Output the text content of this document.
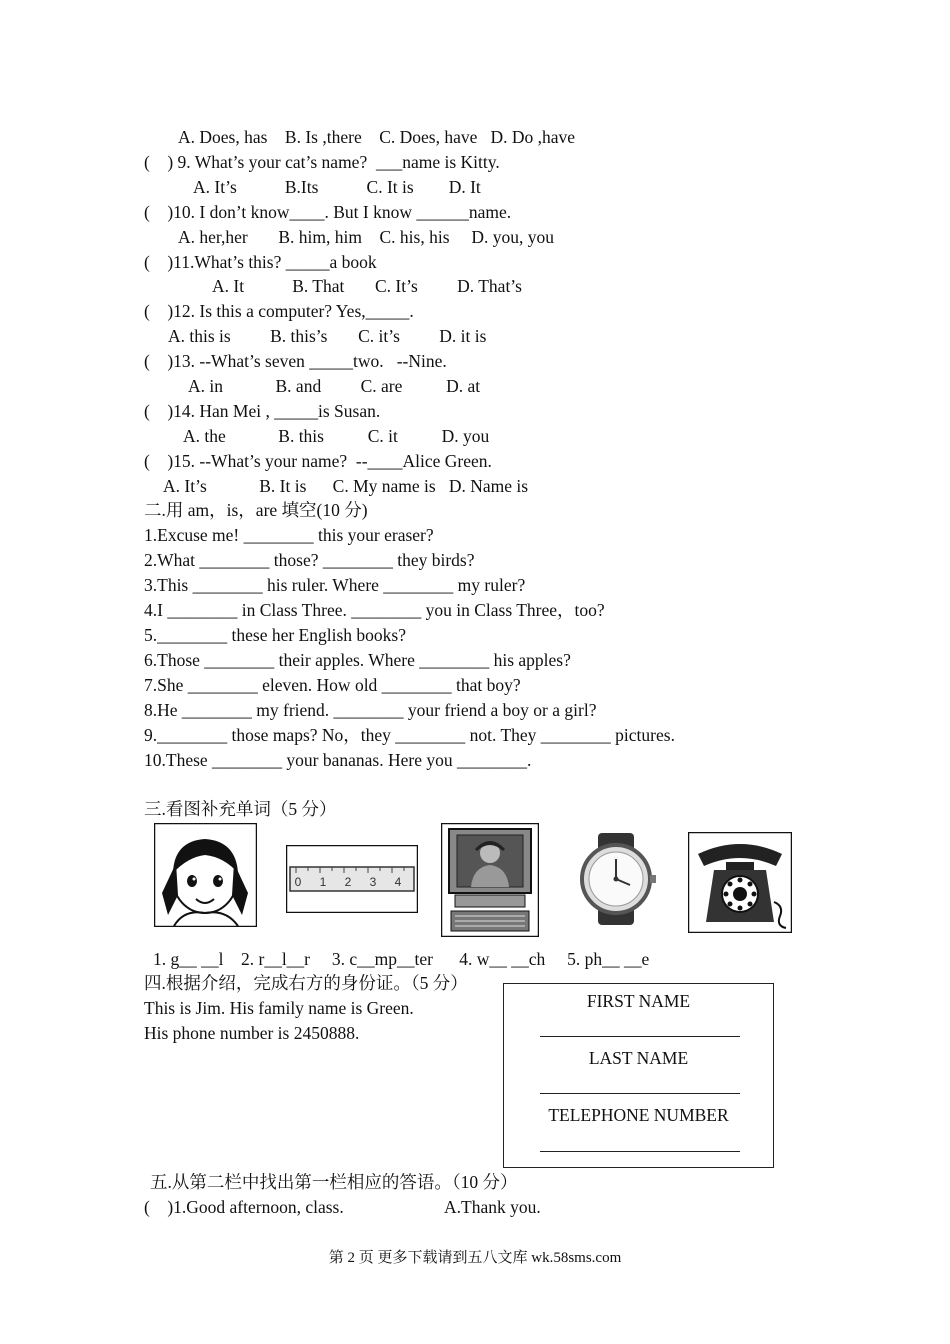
A. Does, has    B. Is ,there    C. Does, have   D. Do ,have
(    ) 9. What’s your cat’s name?  ___name is Kitty.
A. It’s           B.Its           C. It is        D. It
(    )10. I don’t know____. But I know ______name.
A. her,her       B. him, him    C. his, his     D. you, you
(    )11.What’s this? _____a book
A. It           B. That       C. It’s         D. That’s
(    )12. Is this a computer? Yes,_____.
A. this is         B. this’s       C. it’s         D. it is
(    )13. --What’s seven _____two.   --Nine.
A. in            B. and         C. are          D. at
(    )14. Han Mei , _____is Susan.
A. the            B. this          C. it          D. you
(    )15. --What’s your name?  --____Alice Green.
A. It’s            B. It is      C. My name is   D. Name is
二.用 am，is，are 填空(10 分)
1.Excuse me! ________ this your eraser?
2.What ________ those? ________ they birds?
3.This ________ his ruler. Where ________ my ruler?
4.I ________ in Class Three. ________ you in Class Three，too?
5.________ these her English books?
6.Those ________ their apples. Where ________ his apples?
7.She ________ eleven. How old ________ that boy?
8.He ________ my friend. ________ your friend a boy or a girl?
9.________ those maps? No，they ________ not. They ________ pictures.
10.These ________ your bananas. Here you ________.
三.看图补充单词（5 分）
0 1 2 3 4
1. g__ __l    2. r__l__r     3. c__mp__ter      4. w__ __ch     5. ph__ __e
四.根据介绍，完成右方的身份证。（5 分）
This is Jim. His family name is Green.
His phone number is 2450888.
FIRST NAME
LAST NAME
TELEPHONE NUMBER
五.从第二栏中找出第一栏相应的答语。（10 分）
(    )1.Good afternoon, class.	A.Thank you.
第 2 页 更多下载请到五八文库 wk.58sms.com
